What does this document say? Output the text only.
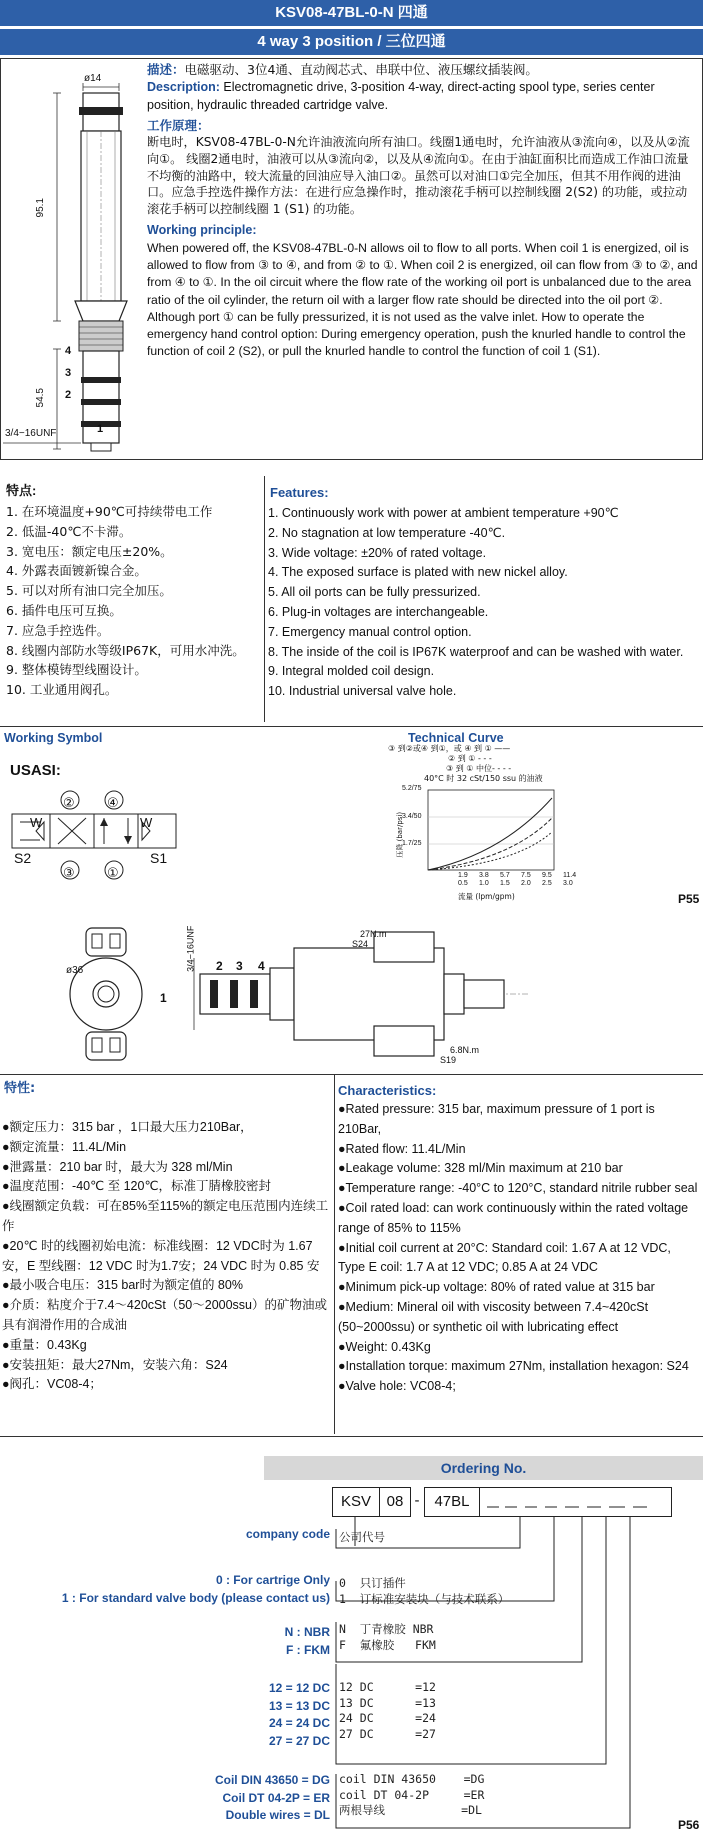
KSV08-47BL-0-N 四通
4 way 3 position / 三位四通
ø14
95.1
54.5
3/4−16UNF
4
3
2
1
描述：电磁驱动、3位4通、直动阀芯式、串联中位、液压螺纹插装阀。
Description: Electromagnetic drive, 3-position 4-way, direct-acting spool type, series center position, hydraulic threaded cartridge valve.
工作原理：
断电时，KSV08-47BL-0-N允许油液流向所有油口。线圈1通电时，允许油液从③流向④，以及从②流向①。 线圈2通电时，油液可以从③流向②，以及从④流向①。在由于油缸面积比而造成工作油口流量不均衡的油路中，较大流量的回油应导入油口②。虽然可以对油口①完全加压，但其不用作阀的进油口。应急手控选件操作方法：在进行应急操作时，推动滚花手柄可以控制线圈 2(S2) 的功能，或拉动滚花手柄可以控制线圈 1 (S1) 的功能。
Working principle:
When powered off, the KSV08-47BL-0-N allows oil to flow to all ports. When coil 1 is energized, oil is allowed to flow from ③ to ④, and from ② to ①. When coil 2 is energized, oil can flow from ③ to ②, and from ④ to ①. In the oil circuit where the flow rate of the working oil port is unbalanced due to the area ratio of the oil cylinder, the return oil with a larger flow rate should be directed into the oil port ②. Although port ① can be fully pressurized, it is not used as the valve inlet. How to operate the emergency hand control option: During emergency operation, push the knurled handle to control the function of coil 2 (S2), or pull the knurled handle to control the function of coil 1 (S1).
特点:
1. 在环境温度+90℃可持续带电工作
2. 低温-40℃不卡滞。
3. 宽电压：额定电压±20%。
4. 外露表面镀新镍合金。
5. 可以对所有油口完全加压。
6. 插件电压可互换。
7. 应急手控选件。
8. 线圈内部防水等级IP67K，可用水冲洗。
9. 整体模铸型线圈设计。
10. 工业通用阀孔。
Features:
1. Continuously work with power at ambient temperature +90℃
2. No stagnation at low temperature -40℃.
3. Wide voltage: ±20% of rated voltage.
4. The exposed surface is plated with new nickel alloy.
5. All oil ports can be fully pressurized.
6. Plug-in voltages are interchangeable.
7. Emergency manual control option.
8. The inside of the coil is IP67K waterproof and can be washed with water.
9. Integral molded coil design.
10. Industrial universal valve hole.
Working Symbol
USASI:
② ④
③ ①
W	W
S2	S1
Technical Curve
③ 到②或④ 到①，或 ④ 到 ① ——
② 到 ① - - -
③ 到 ① 中位- - - -
40°C 时 32 cSt/150 ssu 的油液
5.2/75
3.4/50
1.7/25
压降 (bar/psi)
1.9
0.5
3.8
1.0
5.7
1.5
7.5
2.0
9.5
2.5
11.4
3.0
流量 (lpm/gpm)	P55
ø36
1
2 3 4
3/4−16UNF	27N.m
S24
6.8N.m
S19
特性:
●额定压力：315 bar ，1口最大压力210Bar，
●额定流量：11.4L/Min
●泄露量：210 bar 时，最大为 328 ml/Min
●温度范围：-40℃ 至 120℃，标准丁腈橡胶密封
●线圈额定负载：可在85%至115%的额定电压范围内连续工作
●20℃ 时的线圈初始电流：标准线圈：12 VDC时为 1.67 安，E 型线圈：12 VDC 时为1.7安；24 VDC 时为 0.85 安
●最小吸合电压：315 bar时为额定值的 80%
●介质：粘度介于7.4～420cSt（50～2000ssu）的矿物油或具有润滑作用的合成油
●重量：0.43Kg
●安装扭矩：最大27Nm，安装六角：S24
●阀孔：VC08-4；
Characteristics:
●Rated pressure: 315 bar, maximum pressure of 1 port is 210Bar,
●Rated flow: 11.4L/Min
●Leakage volume: 328 ml/Min maximum at 210 bar
●Temperature range: -40°C to 120°C, standard nitrile rubber seal
●Coil rated load: can work continuously within the rated voltage range of 85% to 115%
●Initial coil current at 20°C: Standard coil: 1.67 A at 12 VDC, Type E coil: 1.7 A at 12 VDC; 0.85 A at 24 VDC
●Minimum pick-up voltage: 80% of rated value at 315 bar
●Medium: Mineral oil with viscosity between 7.4~420cSt (50~2000ssu) or synthetic oil with lubricating effect
●Weight: 0.43Kg
●Installation torque: maximum 27Nm, installation hexagon: S24
●Valve hole: VC08-4;
Ordering No.
KSV	08 - 47BL
company code 公司代号
0 : For cartrige Only
1 : For standard valve body (please contact us)
0  只订插件
1  订标准安装块（与技术联系）
N : NBR
F : FKM
N  丁青橡胶 NBR
F  氟橡胶   FKM
12 = 12 DC
13 = 13 DC
24 = 24 DC
27 = 27 DC
12 DC      =12
13 DC      =13
24 DC      =24
27 DC      =27
Coil DIN 43650 = DG
Coil DT 04-2P = ER
Double wires = DL
coil DIN 43650    =DG
coil DT 04-2P     =ER
两根导线           =DL
P56
